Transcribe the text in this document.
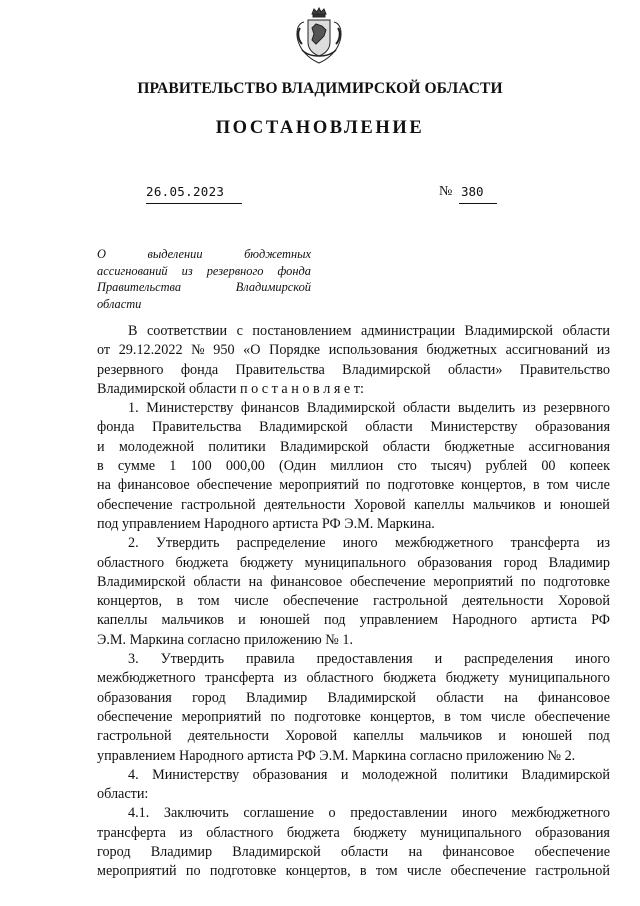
ПРАВИТЕЛЬСТВО ВЛАДИМИРСКОЙ ОБЛАСТИ
ПОСТАНОВЛЕНИЕ
26.05.2023	№ 380
О	выделении	бюджетных
ассигнований из резервного фонда
Правительства	Владимирской
области
В соответствии с постановлением администрации Владимирской области
от 29.12.2022 № 950 «О Порядке использования бюджетных ассигнований из
резервного фонда Правительства Владимирской области» Правительство
Владимирской области п о с т а н о в л я е т:
1. Министерству финансов Владимирской области выделить из резервного
фонда Правительства Владимирской области Министерству образования
и молодежной политики Владимирской области бюджетные ассигнования
в сумме 1 100 000,00 (Один миллион сто тысяч) рублей 00 копеек
на финансовое обеспечение мероприятий по подготовке концертов, в том числе
обеспечение гастрольной деятельности Хоровой капеллы мальчиков и юношей
под управлением Народного артиста РФ Э.М. Маркина.
2. Утвердить распределение иного межбюджетного трансферта из
областного бюджета бюджету муниципального образования город Владимир
Владимирской области на финансовое обеспечение мероприятий по подготовке
концертов, в том числе обеспечение гастрольной деятельности Хоровой
капеллы мальчиков и юношей под управлением Народного артиста РФ
Э.М. Маркина согласно приложению № 1.
3. Утвердить правила предоставления и распределения иного
межбюджетного трансферта из областного бюджета бюджету муниципального
образования город Владимир Владимирской области на финансовое
обеспечение мероприятий по подготовке концертов, в том числе обеспечение
гастрольной деятельности Хоровой капеллы мальчиков и юношей под
управлением Народного артиста РФ Э.М. Маркина согласно приложению № 2.
4. Министерству образования и молодежной политики Владимирской
области:
4.1. Заключить соглашение о предоставлении иного межбюджетного
трансферта из областного бюджета бюджету муниципального образования
город Владимир Владимирской области на финансовое обеспечение
мероприятий по подготовке концертов, в том числе обеспечение гастрольной
